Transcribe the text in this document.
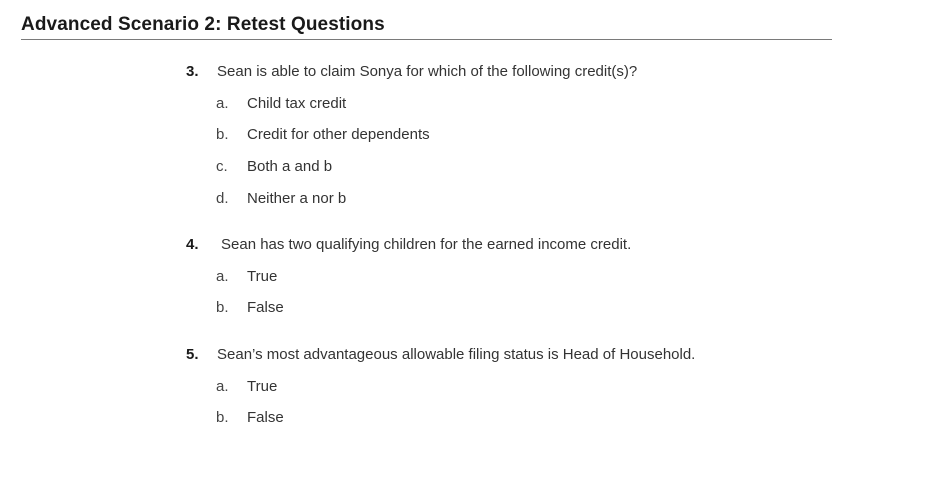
Advanced Scenario 2: Retest Questions
3. Sean is able to claim Sonya for which of the following credit(s)?
a. Child tax credit
b. Credit for other dependents
c. Both a and b
d. Neither a nor b
4. Sean has two qualifying children for the earned income credit.
a. True
b. False
5. Sean’s most advantageous allowable filing status is Head of Household.
a. True
b. False
